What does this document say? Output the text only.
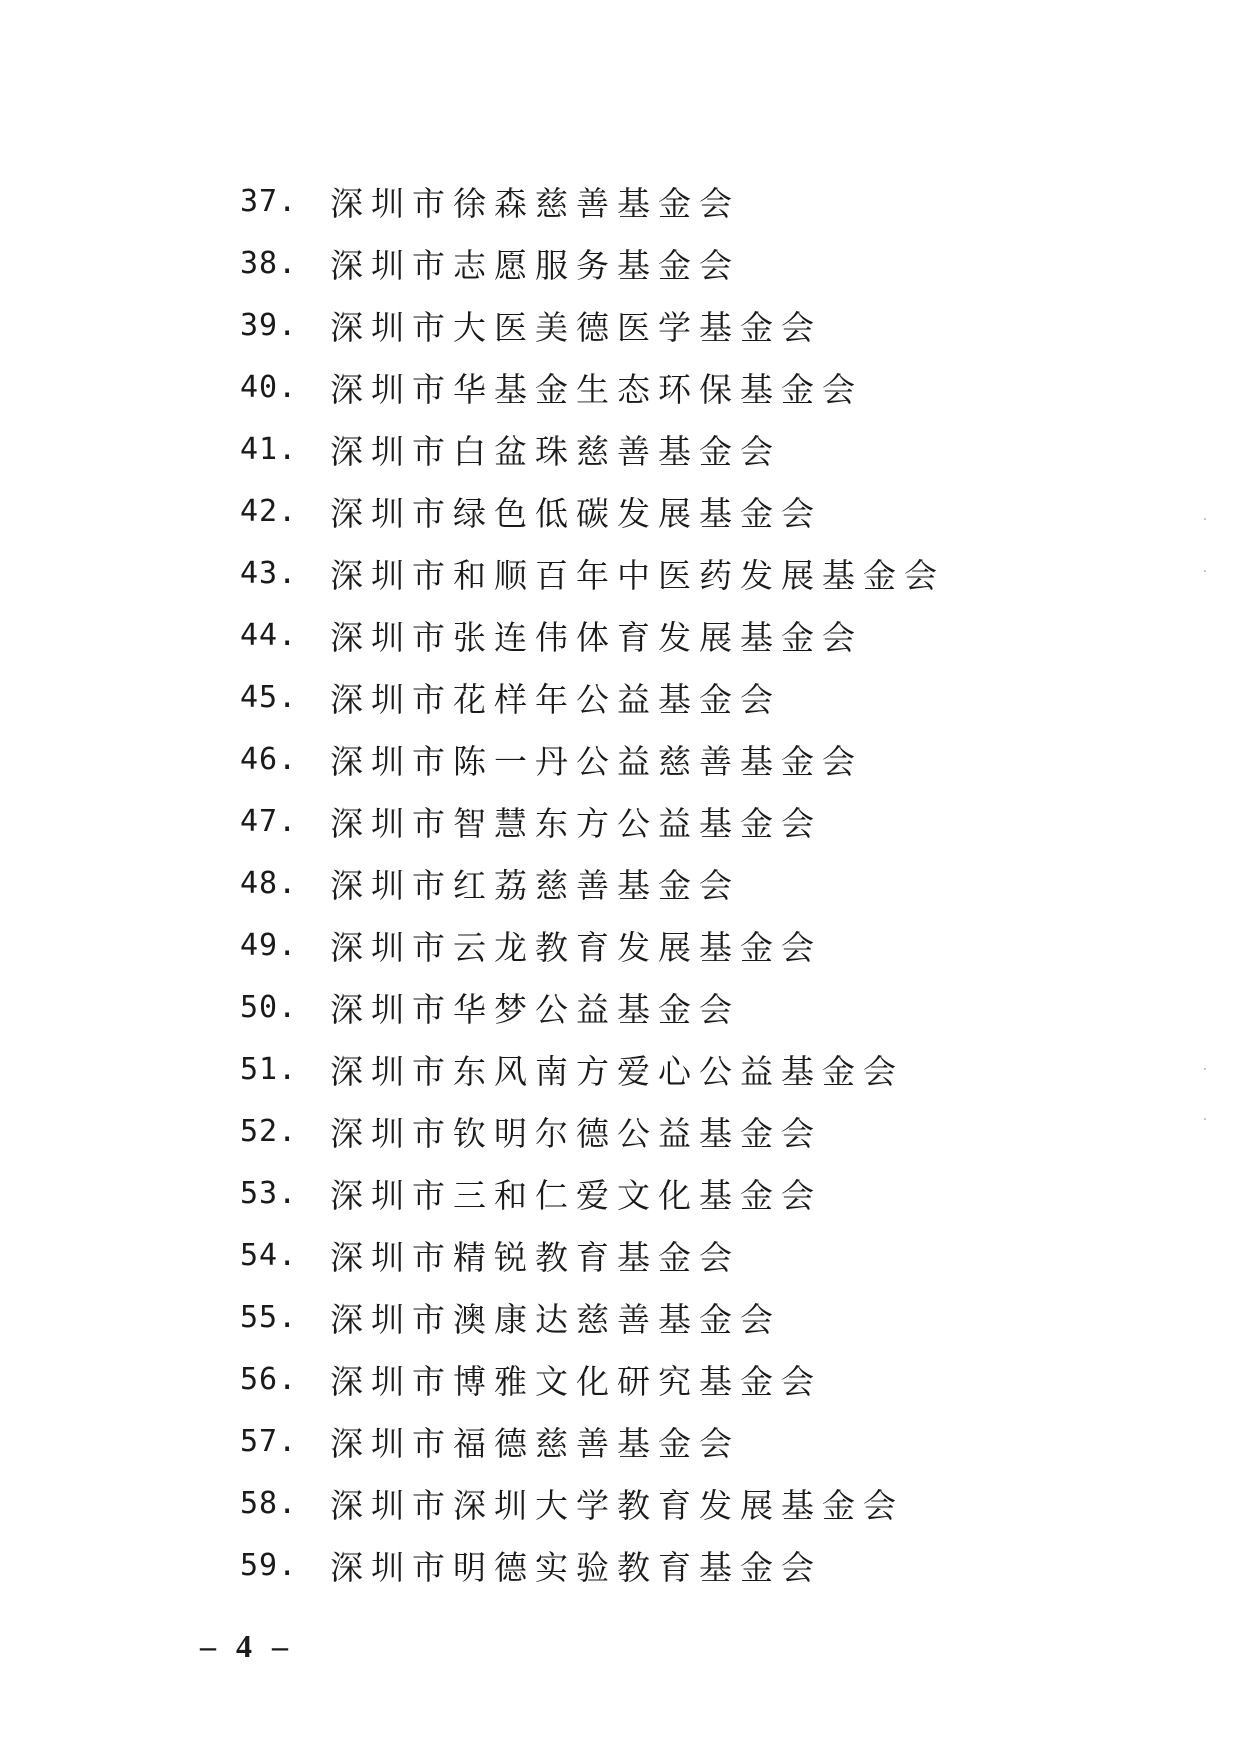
37. 深圳市徐森慈善基金会
38. 深圳市志愿服务基金会
39. 深圳市大医美德医学基金会
40. 深圳市华基金生态环保基金会
41. 深圳市白盆珠慈善基金会
42. 深圳市绿色低碳发展基金会
43. 深圳市和顺百年中医药发展基金会
44. 深圳市张连伟体育发展基金会
45. 深圳市花样年公益基金会
46. 深圳市陈一丹公益慈善基金会
47. 深圳市智慧东方公益基金会
48. 深圳市红荔慈善基金会
49. 深圳市云龙教育发展基金会
50. 深圳市华梦公益基金会
51. 深圳市东风南方爱心公益基金会
52. 深圳市钦明尔德公益基金会
53. 深圳市三和仁爱文化基金会
54. 深圳市精锐教育基金会
55. 深圳市澳康达慈善基金会
56. 深圳市博雅文化研究基金会
57. 深圳市福德慈善基金会
58. 深圳市深圳大学教育发展基金会
59. 深圳市明德实验教育基金会
– 4 –
